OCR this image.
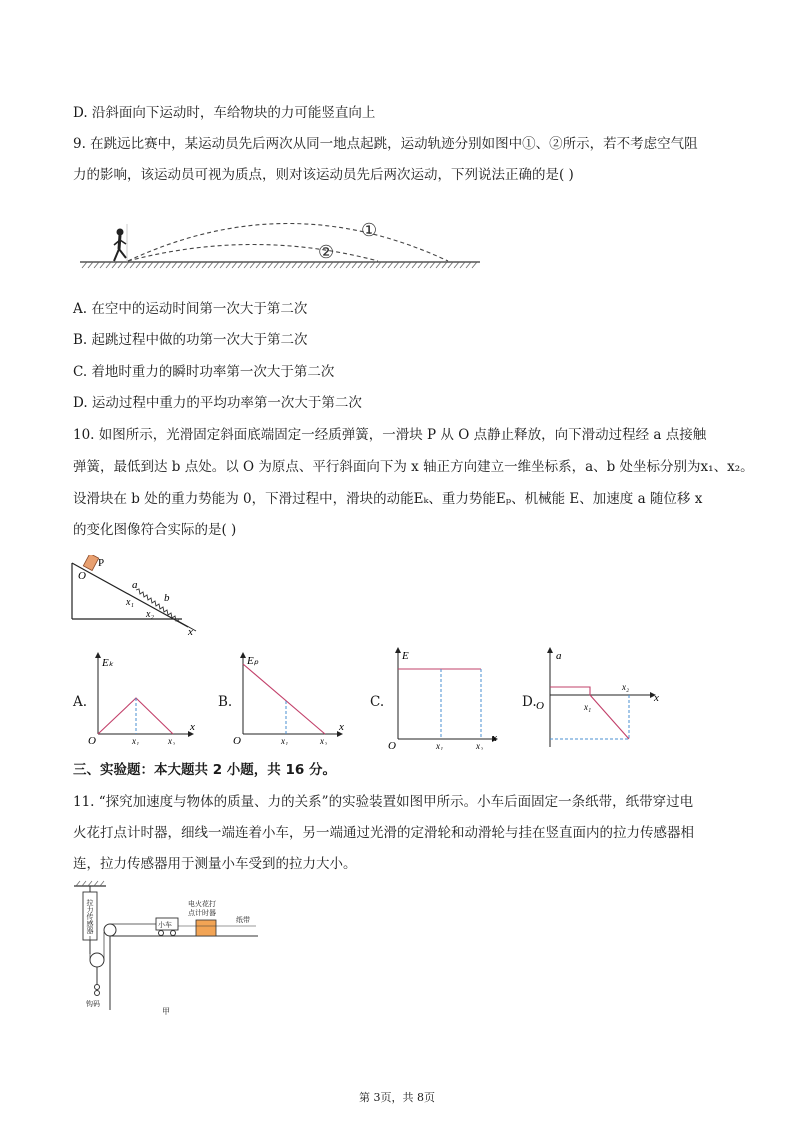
D. 沿斜面向下运动时，车给物块的力可能竖直向上
9. 在跳远比赛中，某运动员先后两次从同一地点起跳，运动轨迹分别如图中①、②所示，若不考虑空气阻
力的影响，该运动员可视为质点，则对该运动员先后两次运动，下列说法正确的是( )
①
②
A. 在空中的运动时间第一次大于第二次
B. 起跳过程中做的功第一次大于第二次
C. 着地时重力的瞬时功率第一次大于第二次
D. 运动过程中重力的平均功率第一次大于第二次
10. 如图所示，光滑固定斜面底端固定一经质弹簧，一滑块 P 从 O 点静止释放，向下滑动过程经 a 点接触
弹簧，最低到达 b 点处。以 O 为原点、平行斜面向下为 x 轴正方向建立一维坐标系，a、b 处坐标分别为x₁、x₂。
设滑块在 b 处的重力势能为 0，下滑过程中，滑块的动能Eₖ、重力势能Eₚ、机械能 E、加速度 a 随位移 x
的变化图像符合实际的是( )
P
O
a
b
x₁
x₂
x
A.
Eₖ
x
O	x₁	x₂
B.
Eₚ
x
O	x₁	x₂
C.
E
x
O	x₁	x₂
D.
a
x
O	x₁
x₂
三、实验题：本大题共 2 小题，共 16 分。
11. “探究加速度与物体的质量、力的关系”的实验装置如图甲所示。小车后面固定一条纸带，纸带穿过电
火花打点计时器，细线一端连着小车，另一端通过光滑的定滑轮和动滑轮与挂在竖直面内的拉力传感器相
连，拉力传感器用于测量小车受到的拉力大小。
拉力传感器
钩码
小车
电火花打
点计时器
纸带
甲
第 3页，共 8页
